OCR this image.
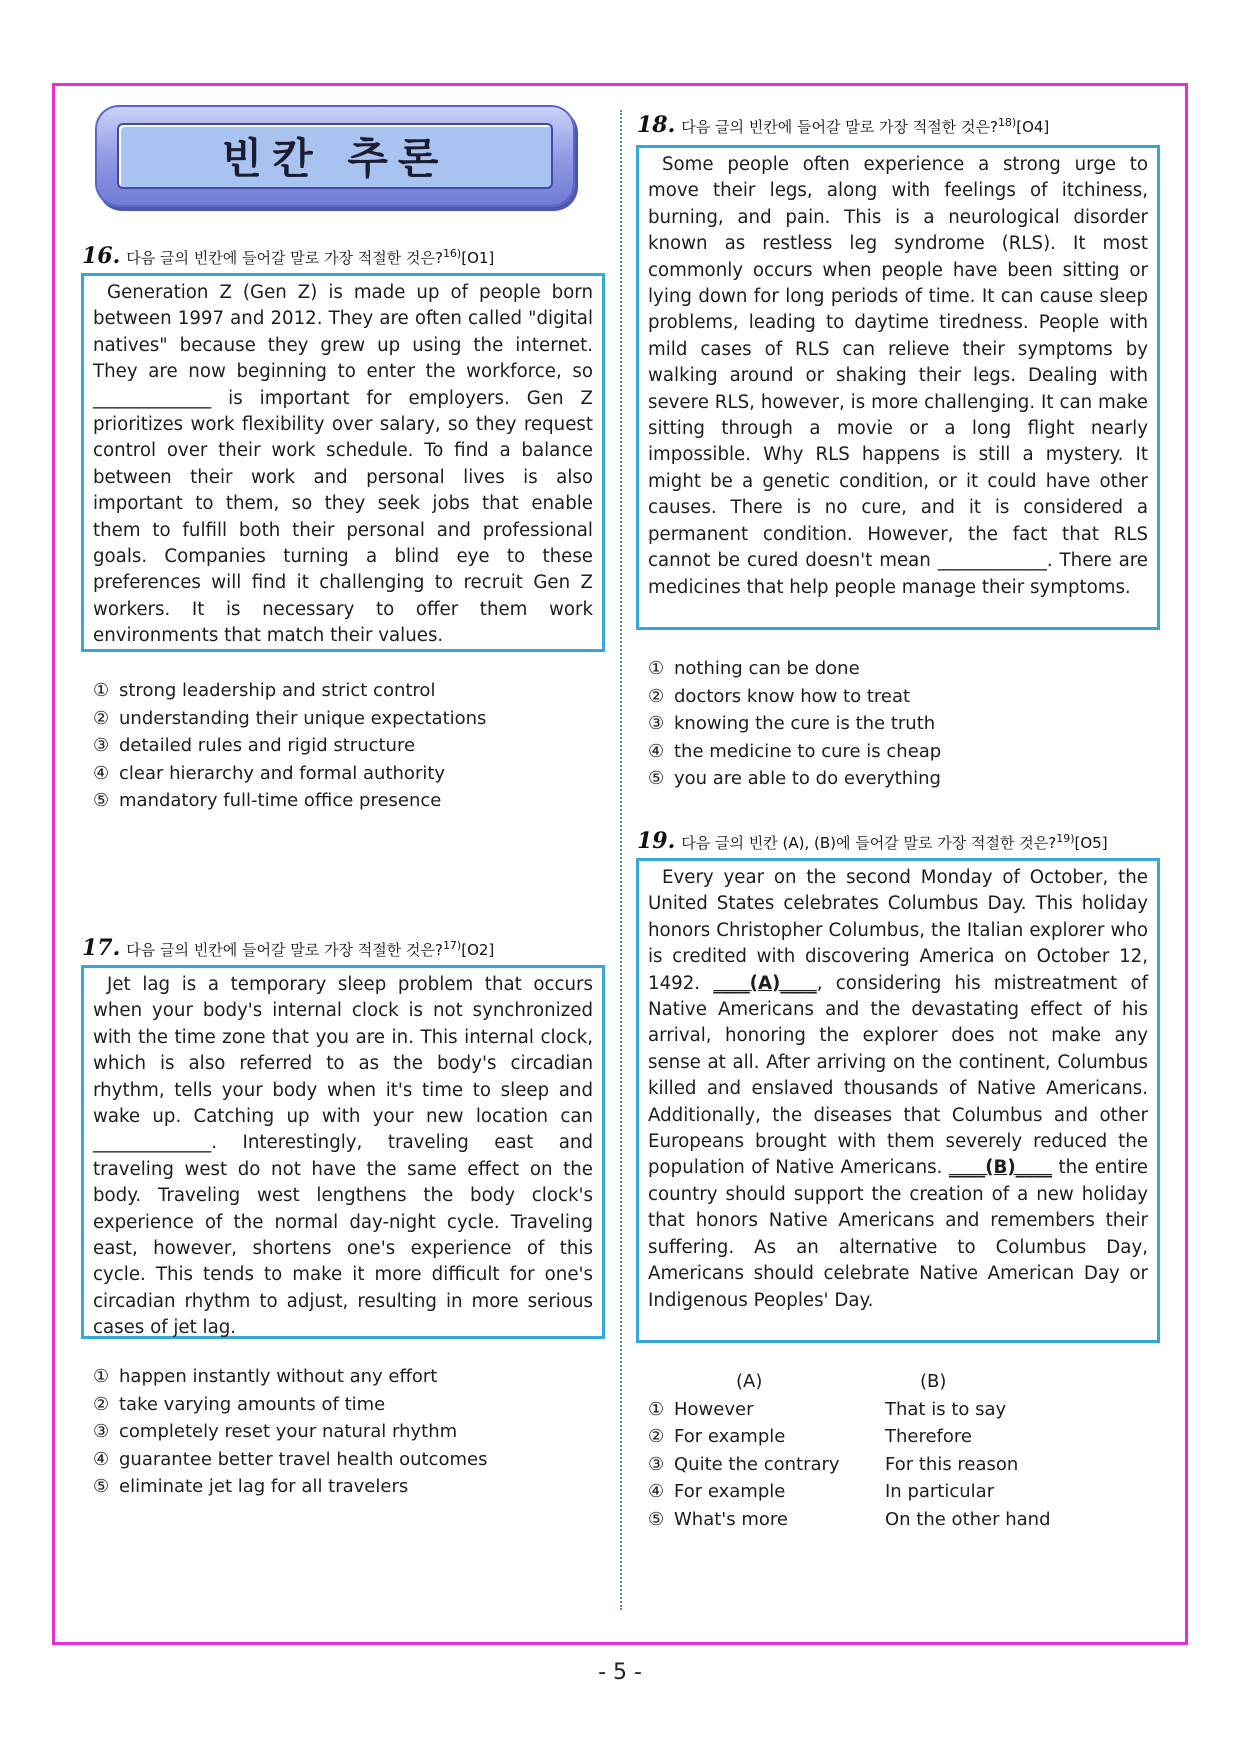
빈칸 추론
16. 다음 글의 빈칸에 들어갈 말로 가장 적절한 것은?$^{16)}$[O1]

Generation Z (Gen Z) is made up of people born between 1997 and 2012. They are often called "digital natives" because they grew up using the internet. They are now beginning to enter the workforce, so _____________ is important for employers. Gen Z prioritizes work flexibility over salary, so they request control over their work schedule. To find a balance between their work and personal lives is also important to them, so they seek jobs that enable them to fulfill both their personal and professional goals. Companies turning a blind eye to these preferences will find it challenging to recruit Gen Z workers. It is necessary to offer them work environments that match their values.

① strong leadership and strict control
② understanding their unique expectations
③ detailed rules and rigid structure
④ clear hierarchy and formal authority
⑤ mandatory full-time office presence
17. 다음 글의 빈칸에 들어갈 말로 가장 적절한 것은?$^{17)}$[O2]

Jet lag is a temporary sleep problem that occurs when your body's internal clock is not synchronized with the time zone that you are in. This internal clock, which is also referred to as the body's circadian rhythm, tells your body when it's time to sleep and wake up. Catching up with your new location can _____________. Interestingly, traveling east and traveling west do not have the same effect on the body. Traveling west lengthens the body clock's experience of the normal day-night cycle. Traveling east, however, shortens one's experience of this cycle. This tends to make it more difficult for one's circadian rhythm to adjust, resulting in more serious cases of jet lag.

① happen instantly without any effort
② take varying amounts of time
③ completely reset your natural rhythm
④ guarantee better travel health outcomes
⑤ eliminate jet lag for all travelers
18. 다음 글의 빈칸에 들어갈 말로 가장 적절한 것은?$^{18)}$[O4]

Some people often experience a strong urge to move their legs, along with feelings of itchiness, burning, and pain. This is a neurological disorder known as restless leg syndrome (RLS). It most commonly occurs when people have been sitting or lying down for long periods of time. It can cause sleep problems, leading to daytime tiredness. People with mild cases of RLS can relieve their symptoms by walking around or shaking their legs. Dealing with severe RLS, however, is more challenging. It can make sitting through a movie or a long flight nearly impossible. Why RLS happens is still a mystery. It might be a genetic condition, or it could have other causes. There is no cure, and it is considered a permanent condition. However, the fact that RLS cannot be cured doesn't mean ____________. There are medicines that help people manage their symptoms.

① nothing can be done
② doctors know how to treat
③ knowing the cure is the truth
④ the medicine to cure is cheap
⑤ you are able to do everything
19. 다음 글의 빈칸 (A), (B)에 들어갈 말로 가장 적절한 것은?$^{19)}$[O5]

Every year on the second Monday of October, the United States celebrates Columbus Day. This holiday honors Christopher Columbus, the Italian explorer who is credited with discovering America on October 12, 1492. ____(A)____, considering his mistreatment of Native Americans and the devastating effect of his arrival, honoring the explorer does not make any sense at all. After arriving on the continent, Columbus killed and enslaved thousands of Native Americans. Additionally, the diseases that Columbus and other Europeans brought with them severely reduced the population of Native Americans. ____(B)____ the entire country should support the creation of a new holiday that honors Native Americans and remembers their suffering. As an alternative to Columbus Day, Americans should celebrate Native American Day or Indigenous Peoples' Day.

(A)	(B)
① However	That is to say
② For example	Therefore
③ Quite the contrary	For this reason
④ For example	In particular
⑤ What's more	On the other hand
- 5 -
